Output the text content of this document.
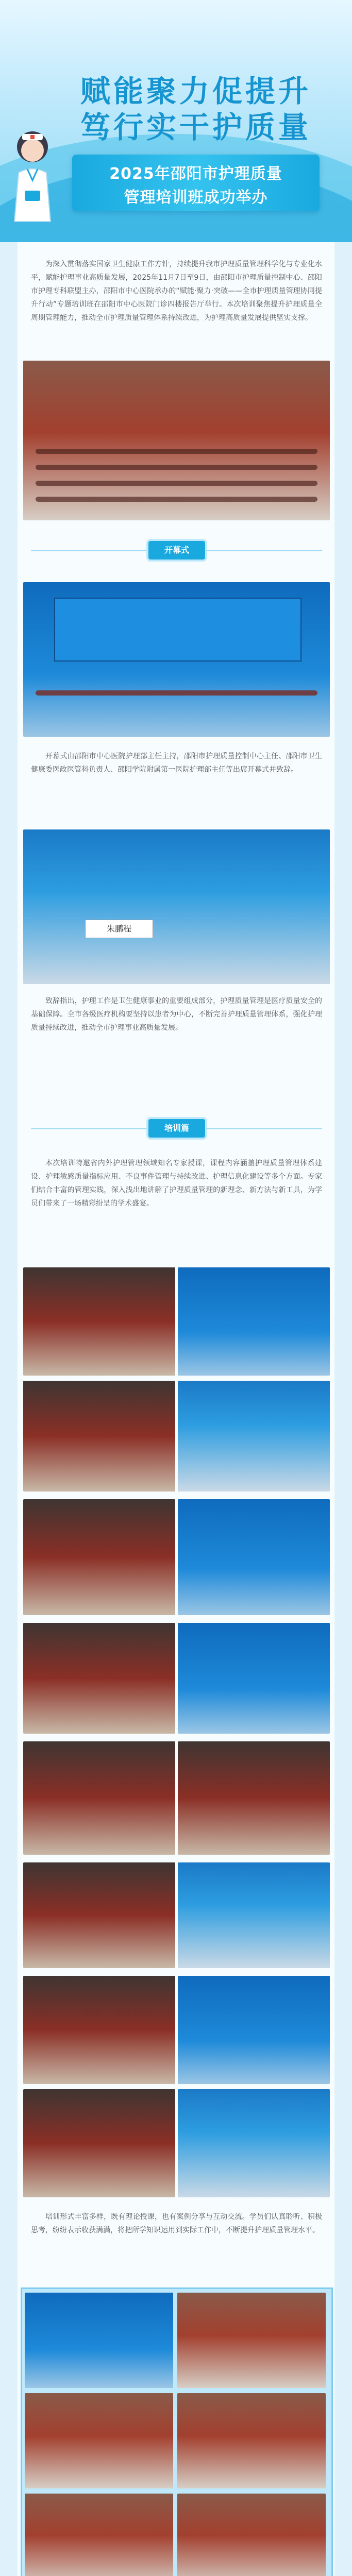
赋能聚力促提升
笃行实干护质量
2025年邵阳市护理质量
管理培训班成功举办
为深入贯彻落实国家卫生健康工作方针，持续提升我市护理质量管理科学化与专业化水平，赋能护理事业高质量发展，2025年11月7日至9日，由邵阳市护理质量控制中心、邵阳市护理专科联盟主办，邵阳市中心医院承办的“赋能·聚力·突破——全市护理质量管理协同提升行动”专题培训班在邵阳市中心医院门诊四楼报告厅举行。本次培训聚焦提升护理质量全周期管理能力，推动全市护理质量管理体系持续改进，为护理高质量发展提供坚实支撑。
开幕式
开幕式由邵阳市中心医院护理部主任主持，邵阳市护理质量控制中心主任、邵阳市卫生健康委医政医管科负责人、邵阳学院附属第一医院护理部主任等出席开幕式并致辞。
朱鹏程
致辞指出，护理工作是卫生健康事业的重要组成部分，护理质量管理是医疗质量安全的基础保障。全市各级医疗机构要坚持以患者为中心，不断完善护理质量管理体系，强化护理质量持续改进，推动全市护理事业高质量发展。
培训篇
本次培训特邀省内外护理管理领域知名专家授课，课程内容涵盖护理质量管理体系建设、护理敏感质量指标应用、不良事件管理与持续改进、护理信息化建设等多个方面。专家们结合丰富的管理实践，深入浅出地讲解了护理质量管理的新理念、新方法与新工具，为学员们带来了一场精彩纷呈的学术盛宴。
培训形式丰富多样，既有理论授课，也有案例分享与互动交流。学员们认真聆听、积极思考，纷纷表示收获满满，将把所学知识运用到实际工作中，不断提升护理质量管理水平。
